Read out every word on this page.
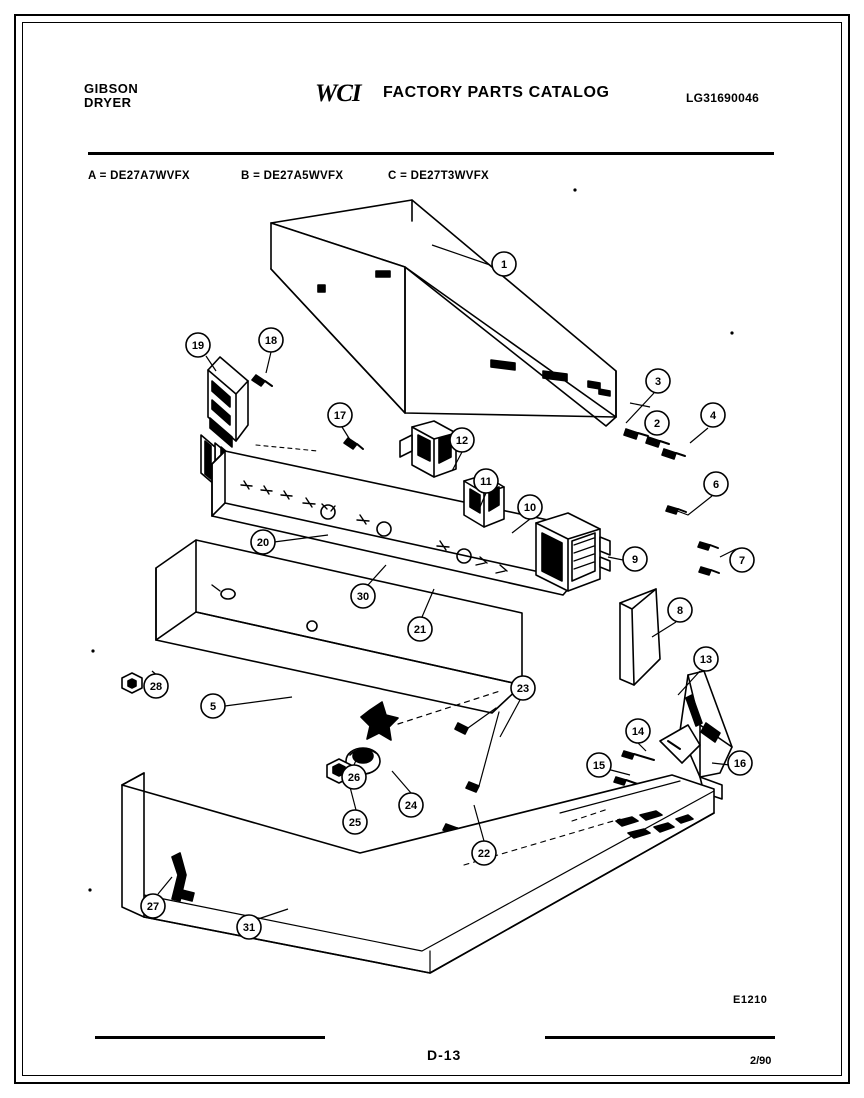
GIBSON
DRYER	WCI FACTORY PARTS CATALOG	LG31690046
A = DE27A7WVFX	B = DE27A5WVFX	C = DE27T3WVFX
1
2
3
4
5
6
7
8
9
10
11
12
13
14
15	16
17
18
19
20
21
22
23
24
25
26
27
28
30
31
E1210
D-13	2/90
